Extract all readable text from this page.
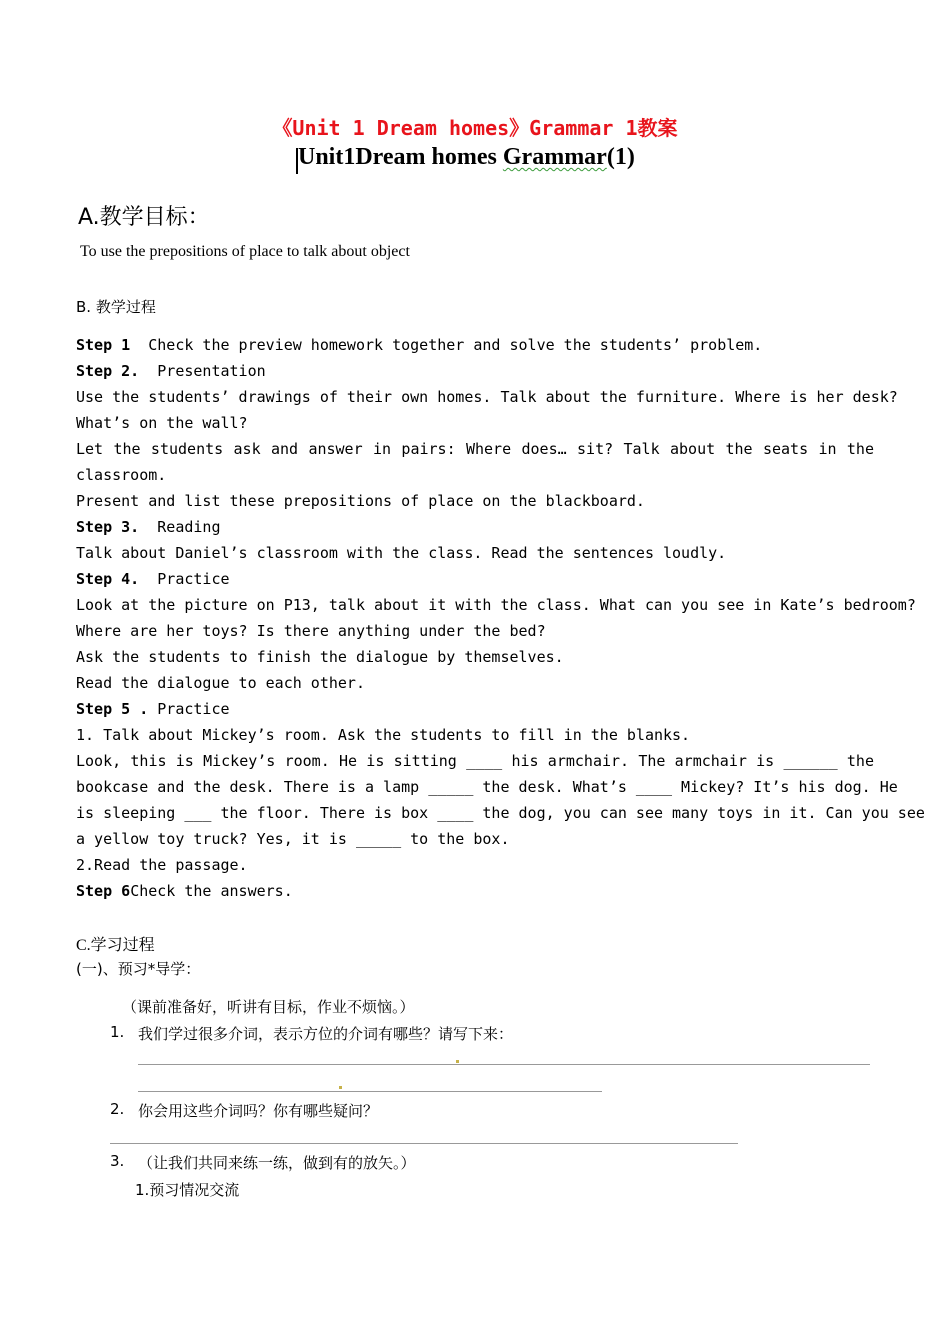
《Unit 1 Dream homes》Grammar 1教案
Unit1Dream homes Grammar(1)
A.教学目标：
To use the prepositions of place to talk about object
B. 教学过程
Step 1 Check the preview homework together and solve the students’ problem.
Step 2. Presentation
Use the students’ drawings of their own homes. Talk about the furniture. Where is her desk?
What’s on the wall?
Let the students ask and answer in pairs: Where does… sit? Talk about the seats in the
classroom.
Present and list these prepositions of place on the blackboard.
Step 3. Reading
Talk about Daniel’s classroom with the class. Read the sentences loudly.
Step 4. Practice
Look at the picture on P13, talk about it with the class. What can you see in Kate’s bedroom?
Where are her toys? Is there anything under the bed?
Ask the students to finish the dialogue by themselves.
Read the dialogue to each other.
Step 5 . Practice
1. Talk about Mickey’s room. Ask the students to fill in the blanks.
Look, this is Mickey’s room. He is sitting ____ his armchair. The armchair is ______ the
bookcase and the desk. There is a lamp _____ the desk. What’s ____ Mickey? It’s his dog. He
is sleeping ___ the floor. There is box ____ the dog, you can see many toys in it. Can you see
a yellow toy truck? Yes, it is _____ to the box.
2.Read the passage.
Step 6Check the answers.
C.学习过程
(一)、预习*导学：
（课前准备好，听讲有目标，作业不烦恼。）
1. 我们学过很多介词，表示方位的介词有哪些？请写下来：
2. 你会用这些介词吗？你有哪些疑问？
3. （让我们共同来练一练，做到有的放矢。）
1.预习情况交流
